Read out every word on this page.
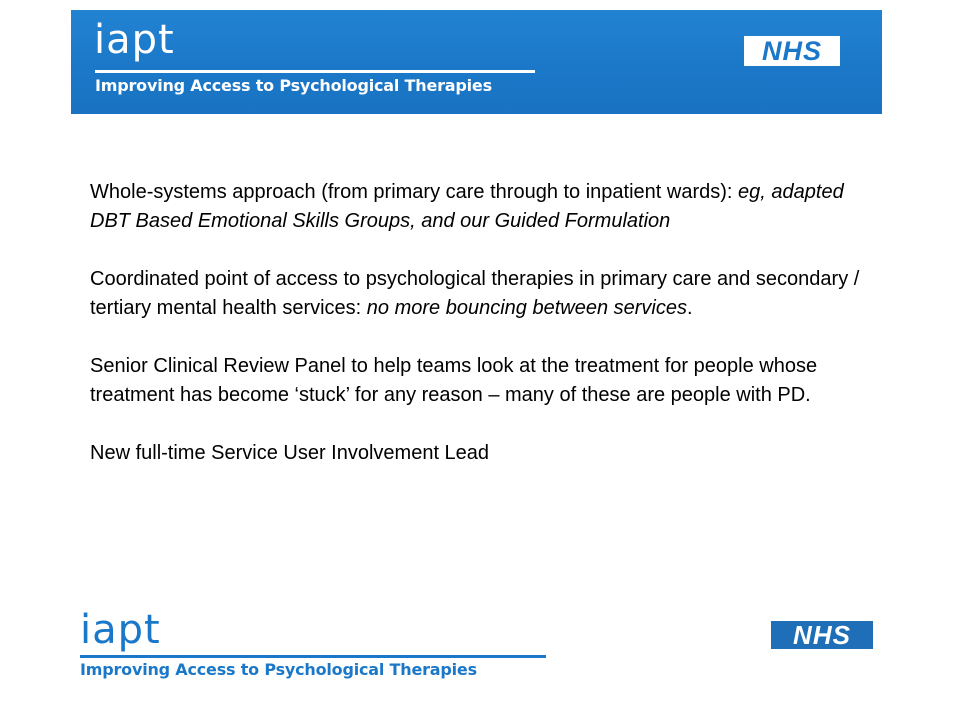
iapt
Improving Access to Psychological Therapies
NHS

Whole-systems approach (from primary care through to inpatient wards): eg, adapted DBT Based Emotional Skills Groups, and our Guided Formulation

Coordinated point of access to psychological therapies in primary care and secondary / tertiary mental health services: no more bouncing between services.

Senior Clinical Review Panel to help teams look at the treatment for people whose treatment has become ‘stuck’ for any reason – many of these are people with PD.

New full-time Service User Involvement Lead

iapt
Improving Access to Psychological Therapies
NHS
